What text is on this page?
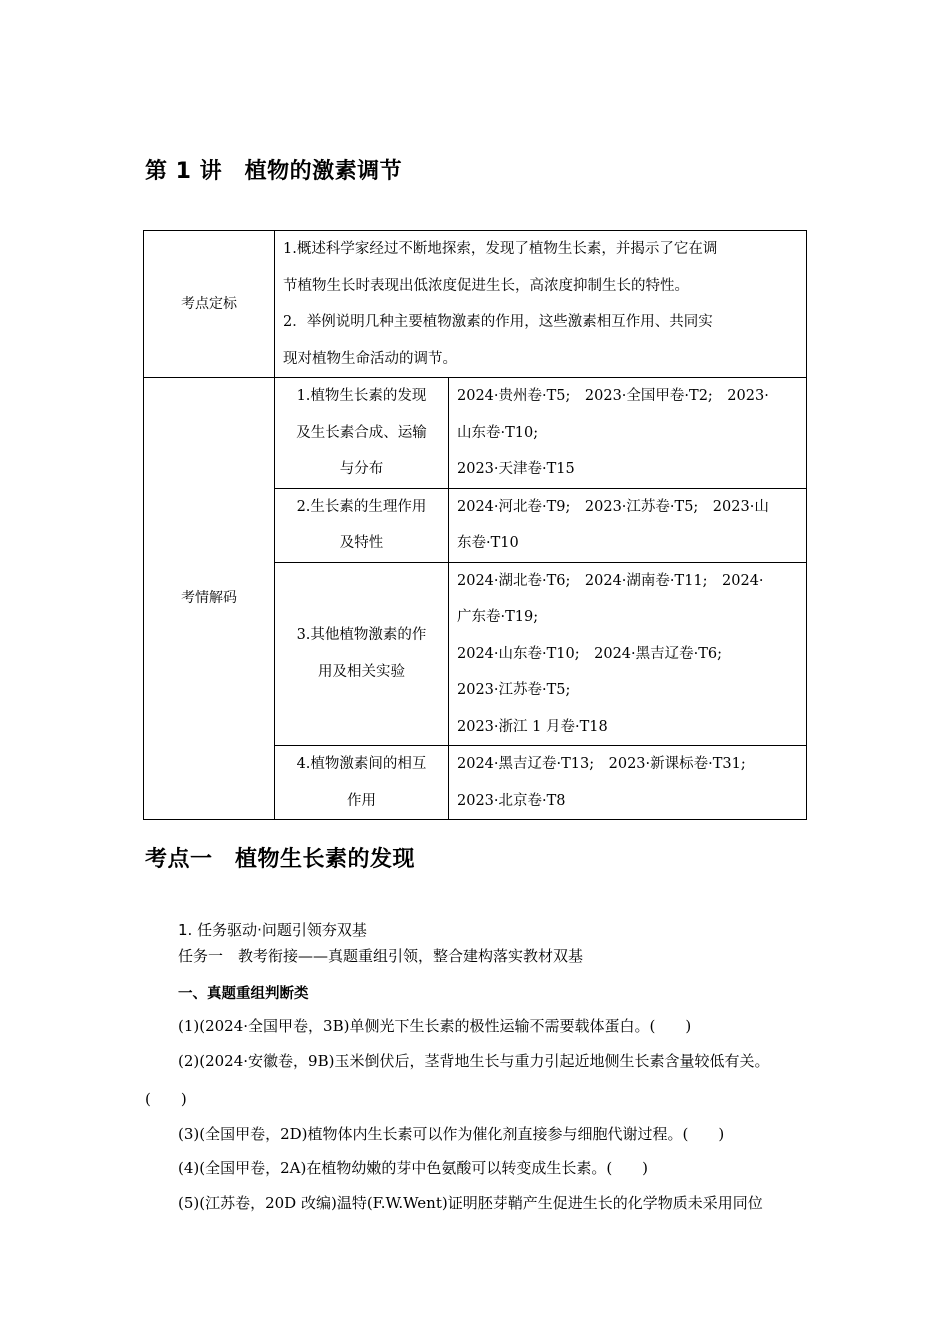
第 1 讲　植物的激素调节
考点定标	1.概述科学家经过不断地探索，发现了植物生长素，并揭示了它在调
节植物生长时表现出低浓度促进生长，高浓度抑制生长的特性。
2．举例说明几种主要植物激素的作用，这些激素相互作用、共同实
现对植物生命活动的调节。	

考情解码	1.植物生长素的发现
及生长素合成、运输
与分布	2024·贵州卷·T5;　2023·全国甲卷·T2;　2023·
山东卷·T10;
2023·天津卷·T15

	2.生长素的生理作用
及特性	2024·河北卷·T9;　2023·江苏卷·T5;　2023·山
东卷·T10

	3.其他植物激素的作
用及相关实验	2024·湖北卷·T6;　2024·湖南卷·T11;　2024·
广东卷·T19;
2024·山东卷·T10;　2024·黑吉辽卷·T6;
2023·江苏卷·T5;
2023·浙江 1 月卷·T18

	4.植物激素间的相互
作用	2024·黑吉辽卷·T13;　2023·新课标卷·T31;
2023·北京卷·T8
考点一　植物生长素的发现
1. 任务驱动·问题引领夯双基
任务一　教考衔接——真题重组引领，整合建构落实教材双基
一、真题重组判断类
(1)(2024·全国甲卷，3B)单侧光下生长素的极性运输不需要载体蛋白。(　　)
(2)(2024·安徽卷，9B)玉米倒伏后，茎背地生长与重力引起近地侧生长素含量较低有关。
(　　)
(3)(全国甲卷，2D)植物体内生长素可以作为催化剂直接参与细胞代谢过程。(　　)
(4)(全国甲卷，2A)在植物幼嫩的芽中色氨酸可以转变成生长素。(　　)
(5)(江苏卷，20D 改编)温特(F.W.Went)证明胚芽鞘产生促进生长的化学物质未采用同位
